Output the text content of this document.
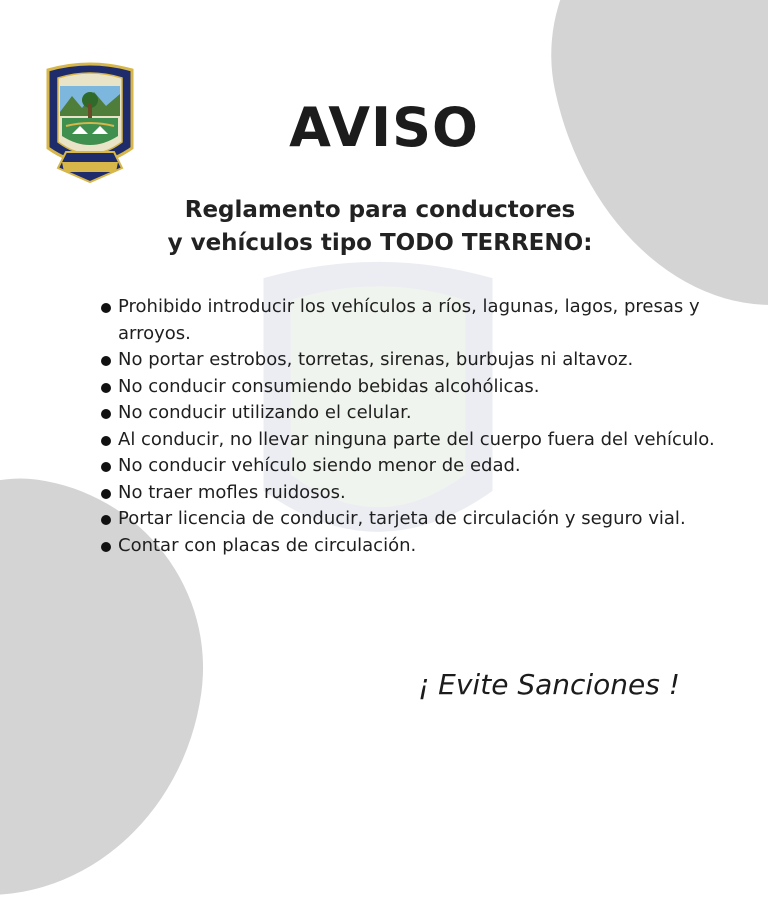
AVISO
Reglamento para conductores
y vehículos tipo TODO TERRENO:
Prohibido introducir los vehículos a ríos, lagunas, lagos, presas y arroyos.
No portar estrobos, torretas, sirenas, burbujas ni altavoz.
No conducir consumiendo bebidas alcohólicas.
No conducir utilizando el celular.
Al conducir, no llevar ninguna parte del cuerpo fuera del vehículo.
No conducir vehículo siendo menor de edad.
No traer mofles ruidosos.
Portar licencia de conducir, tarjeta de circulación y seguro vial.
Contar con placas de circulación.
¡ Evite Sanciones !
